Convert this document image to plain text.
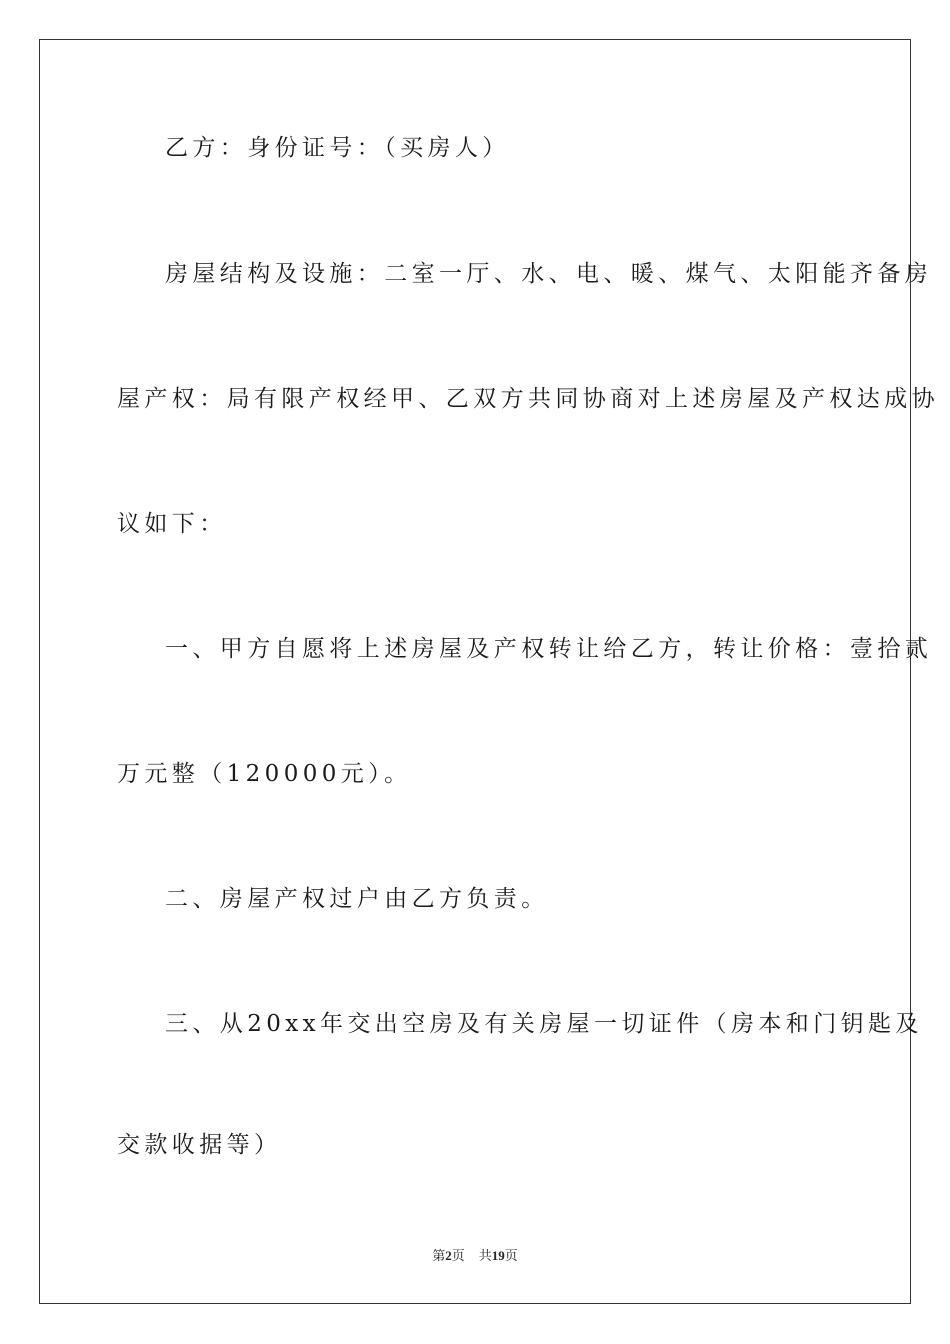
乙方：身份证号：（买房人）
房屋结构及设施：二室一厅、水、电、暖、煤气、太阳能齐备房
屋产权：局有限产权经甲、乙双方共同协商对上述房屋及产权达成协
议如下：
一、甲方自愿将上述房屋及产权转让给乙方，转让价格：壹拾贰
万元整（120000元）。
二、房屋产权过户由乙方负责。
三、从20xx年交出空房及有关房屋一切证件（房本和门钥匙及
交款收据等）
第2页 共19页
